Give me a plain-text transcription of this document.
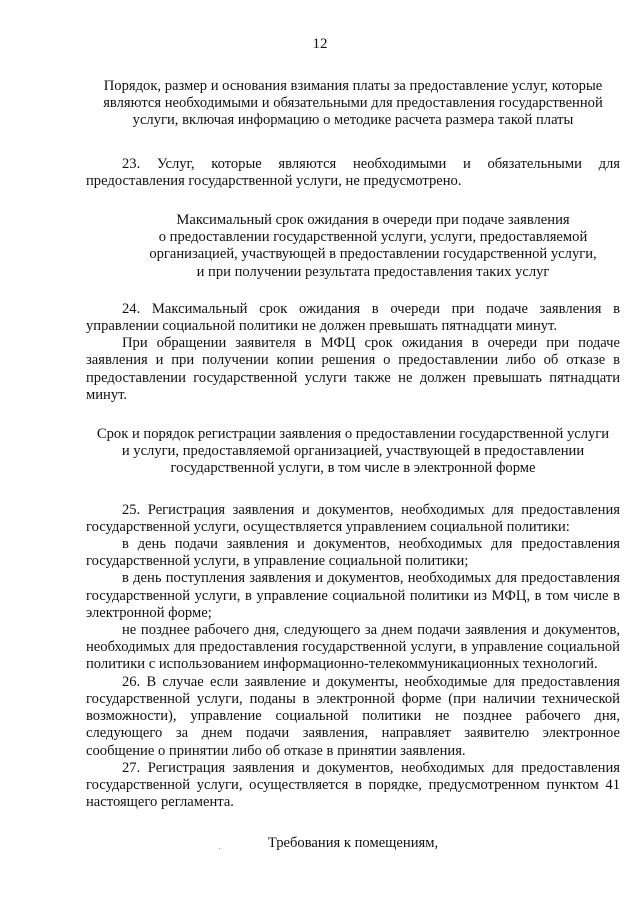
12

Порядок, размер и основания взимания платы за предоставление услуг, которые
являются необходимыми и обязательными для предоставления государственной
услуги, включая информацию о методике расчета размера такой платы

23. Услуг, которые являются необходимыми и обязательными для предоставления государственной услуги, не предусмотрено.

Максимальный срок ожидания в очереди при подаче заявления
о предоставлении государственной услуги, услуги, предоставляемой
организацией, участвующей в предоставлении государственной услуги,
и при получении результата предоставления таких услуг

24. Максимальный срок ожидания в очереди при подаче заявления в управлении социальной политики не должен превышать пятнадцати минут.

При обращении заявителя в МФЦ срок ожидания в очереди при подаче заявления и при получении копии решения о предоставлении либо об отказе в предоставлении государственной услуги также не должен превышать пятнадцати минут.

Срок и порядок регистрации заявления о предоставлении государственной услуги
и услуги, предоставляемой организацией, участвующей в предоставлении
государственной услуги, в том числе в электронной форме

25. Регистрация заявления и документов, необходимых для предоставления государственной услуги, осуществляется управлением социальной политики:

в день подачи заявления и документов, необходимых для предоставления государственной услуги, в управление социальной политики;

в день поступления заявления и документов, необходимых для предоставления государственной услуги, в управление социальной политики из МФЦ, в том числе в электронной форме;

не позднее рабочего дня, следующего за днем подачи заявления и документов, необходимых для предоставления государственной услуги, в управление социальной политики с использованием информационно-телекоммуникационных технологий.

26. В случае если заявление и документы, необходимые для предоставления государственной услуги, поданы в электронной форме (при наличии технической возможности), управление социальной политики не позднее рабочего дня, следующего за днем подачи заявления, направляет заявителю электронное сообщение о принятии либо об отказе в принятии заявления.

27. Регистрация заявления и документов, необходимых для предоставления государственной услуги, осуществляется в порядке, предусмотренном пунктом 41 настоящего регламента.

Требования к помещениям,
